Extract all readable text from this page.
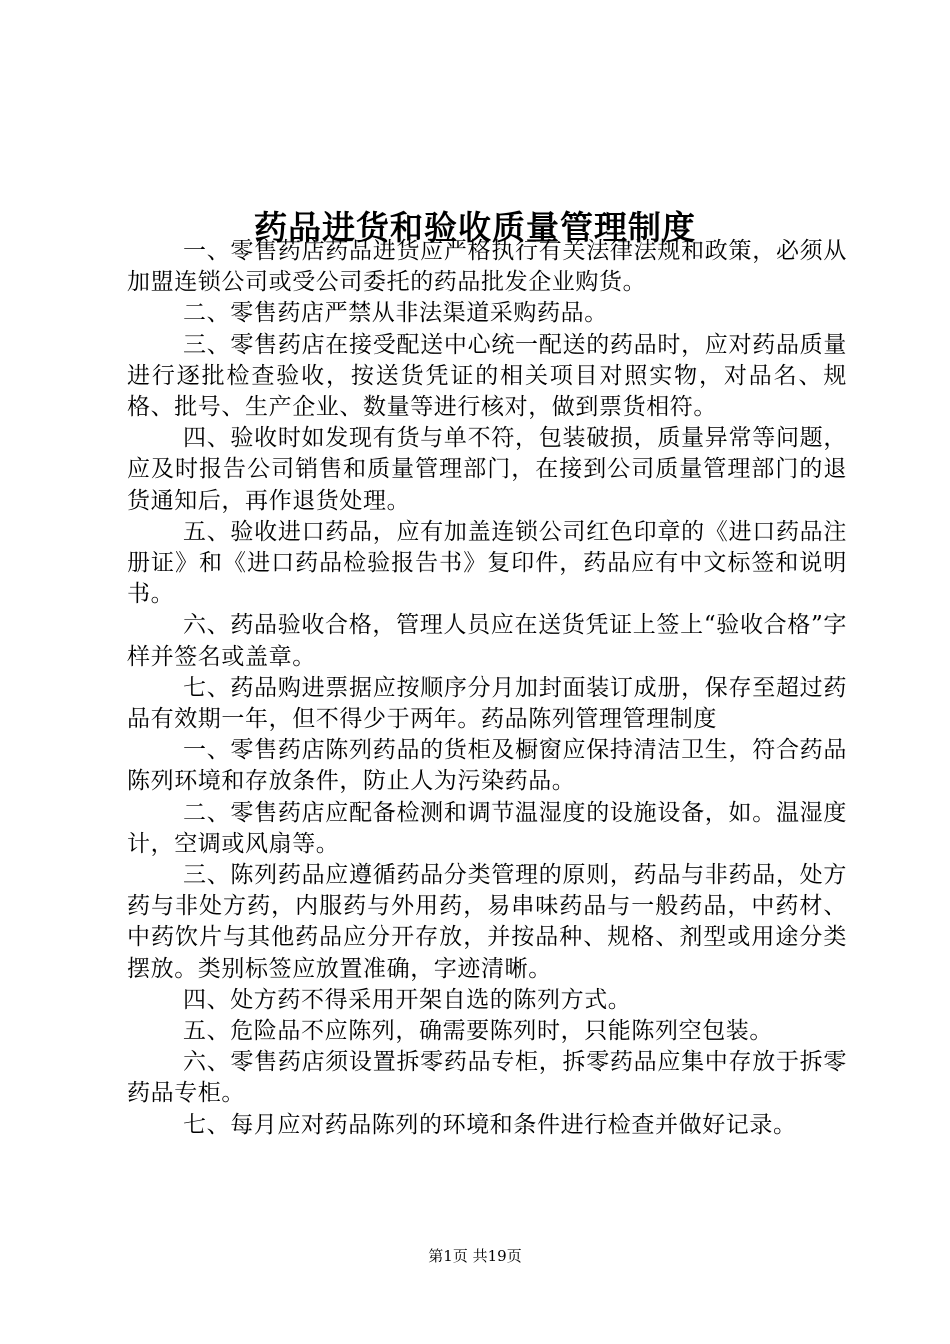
药品进货和验收质量管理制度

一、零售药店药品进货应严格执行有关法律法规和政策，必须从加盟连锁公司或受公司委托的药品批发企业购货。

二、零售药店严禁从非法渠道采购药品。

三、零售药店在接受配送中心统一配送的药品时，应对药品质量进行逐批检查验收，按送货凭证的相关项目对照实物，对品名、规格、批号、生产企业、数量等进行核对，做到票货相符。

四、验收时如发现有货与单不符，包装破损，质量异常等问题，应及时报告公司销售和质量管理部门，在接到公司质量管理部门的退货通知后，再作退货处理。

五、验收进口药品，应有加盖连锁公司红色印章的《进口药品注册证》和《进口药品检验报告书》复印件，药品应有中文标签和说明书。

六、药品验收合格，管理人员应在送货凭证上签上“验收合格”字样并签名或盖章。

七、药品购进票据应按顺序分月加封面装订成册，保存至超过药品有效期一年，但不得少于两年。药品陈列管理管理制度

一、零售药店陈列药品的货柜及橱窗应保持清洁卫生，符合药品陈列环境和存放条件，防止人为污染药品。

二、零售药店应配备检测和调节温湿度的设施设备，如。温湿度计，空调或风扇等。

三、陈列药品应遵循药品分类管理的原则，药品与非药品，处方药与非处方药，内服药与外用药，易串味药品与一般药品，中药材、中药饮片与其他药品应分开存放，并按品种、规格、剂型或用途分类摆放。类别标签应放置准确，字迹清晰。

四、处方药不得采用开架自选的陈列方式。

五、危险品不应陈列，确需要陈列时，只能陈列空包装。

六、零售药店须设置拆零药品专柜，拆零药品应集中存放于拆零药品专柜。

七、每月应对药品陈列的环境和条件进行检查并做好记录。

第1页 共19页
